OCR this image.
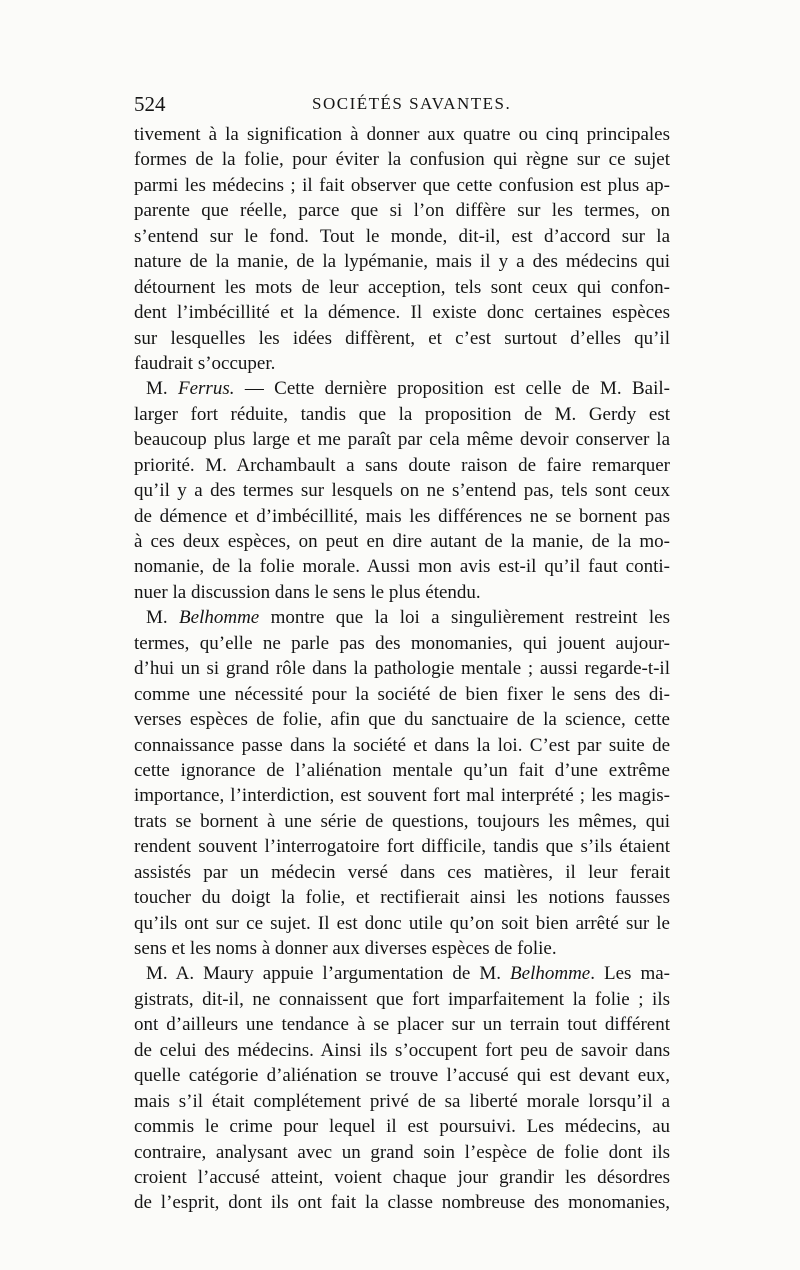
524	SOCIÉTÉS SAVANTES.
tivement à la signification à donner aux quatre ou cinq principales
formes de la folie, pour éviter la confusion qui règne sur ce sujet
parmi les médecins ; il fait observer que cette confusion est plus ap-
parente que réelle, parce que si l’on diffère sur les termes, on
s’entend sur le fond. Tout le monde, dit-il, est d’accord sur la
nature de la manie, de la lypémanie, mais il y a des médecins qui
détournent les mots de leur acception, tels sont ceux qui confon-
dent l’imbécillité et la démence. Il existe donc certaines espèces
sur lesquelles les idées diffèrent, et c’est surtout d’elles qu’il
faudrait s’occuper.
M. Ferrus. — Cette dernière proposition est celle de M. Bail-
larger fort réduite, tandis que la proposition de M. Gerdy est
beaucoup plus large et me paraît par cela même devoir conserver la
priorité. M. Archambault a sans doute raison de faire remarquer
qu’il y a des termes sur lesquels on ne s’entend pas, tels sont ceux
de démence et d’imbécillité, mais les différences ne se bornent pas
à ces deux espèces, on peut en dire autant de la manie, de la mo-
nomanie, de la folie morale. Aussi mon avis est-il qu’il faut conti-
nuer la discussion dans le sens le plus étendu.
M. Belhomme montre que la loi a singulièrement restreint les
termes, qu’elle ne parle pas des monomanies, qui jouent aujour-
d’hui un si grand rôle dans la pathologie mentale ; aussi regarde-t-il
comme une nécessité pour la société de bien fixer le sens des di-
verses espèces de folie, afin que du sanctuaire de la science, cette
connaissance passe dans la société et dans la loi. C’est par suite de
cette ignorance de l’aliénation mentale qu’un fait d’une extrême
importance, l’interdiction, est souvent fort mal interprété ; les magis-
trats se bornent à une série de questions, toujours les mêmes, qui
rendent souvent l’interrogatoire fort difficile, tandis que s’ils étaient
assistés par un médecin versé dans ces matières, il leur ferait
toucher du doigt la folie, et rectifierait ainsi les notions fausses
qu’ils ont sur ce sujet. Il est donc utile qu’on soit bien arrêté sur le
sens et les noms à donner aux diverses espèces de folie.
M. A. Maury appuie l’argumentation de M. Belhomme. Les ma-
gistrats, dit-il, ne connaissent que fort imparfaitement la folie ; ils
ont d’ailleurs une tendance à se placer sur un terrain tout différent
de celui des médecins. Ainsi ils s’occupent fort peu de savoir dans
quelle catégorie d’aliénation se trouve l’accusé qui est devant eux,
mais s’il était complétement privé de sa liberté morale lorsqu’il a
commis le crime pour lequel il est poursuivi. Les médecins, au
contraire, analysant avec un grand soin l’espèce de folie dont ils
croient l’accusé atteint, voient chaque jour grandir les désordres
de l’esprit, dont ils ont fait la classe nombreuse des monomanies,
